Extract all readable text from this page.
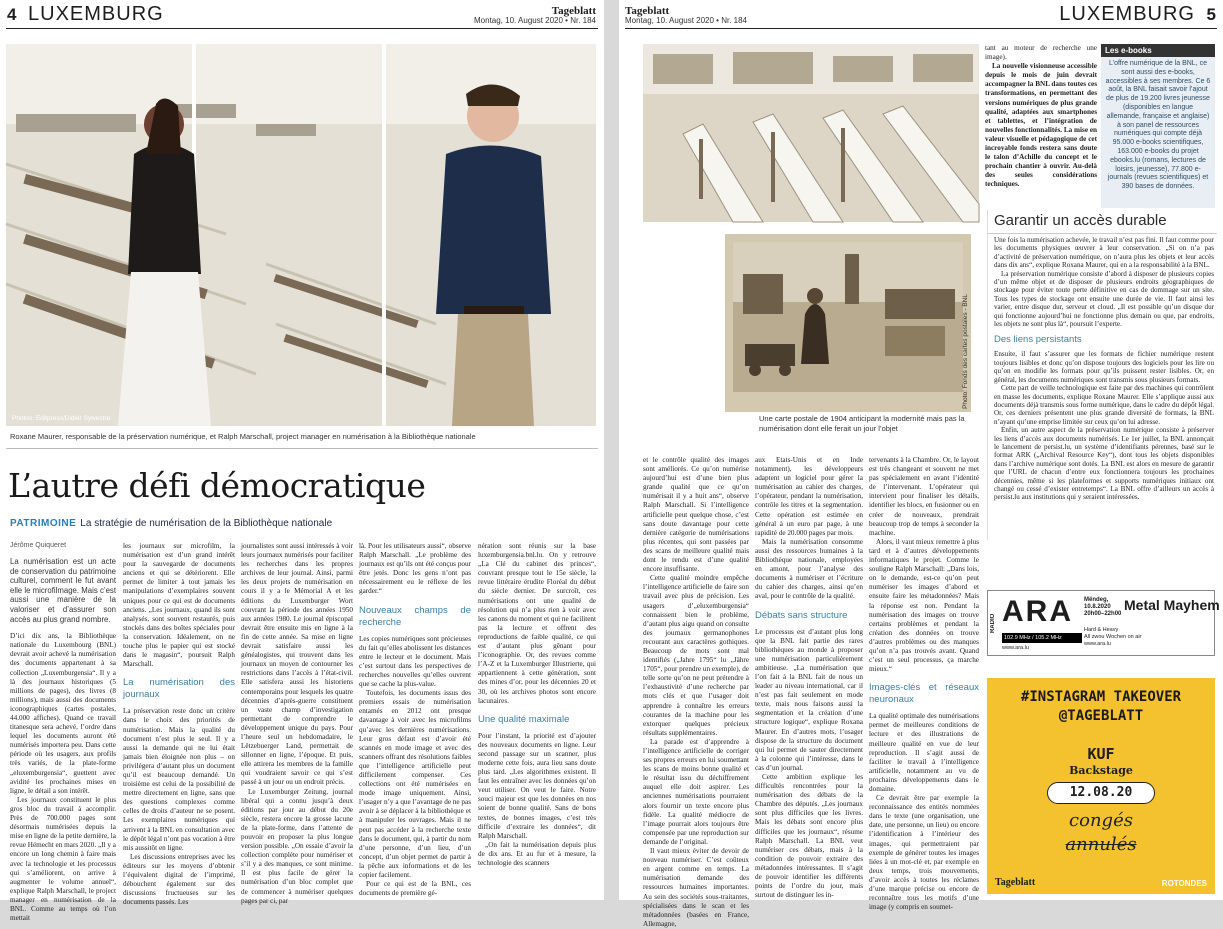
4 LUXEMBURG	Tageblatt
Montag, 10. August 2020 • Nr. 184
Photos: Editpress/Didier Sylvestre
Roxane Maurer, responsable de la préservation numérique, et Ralph Marschall, project manager en numérisation à la Bibliothèque nationale
L’autre défi démocratique
PATRIMOINE La stratégie de numérisation de la Bibliothèque nationale
Jérôme Quiqueret
La numérisation est un acte de conservation du patrimoine culturel, comment le fut avant elle le microfilmage. Mais c’est aussi une manière de la valoriser et d’assurer son accès au plus grand nombre.

D’ici dix ans, la Bibliothèque nationale du Luxembourg (BNL) devrait avoir achevé la numérisation des documents appartenant à sa collection „Luxemburgensia“. Il y a là des journaux historiques (5 millions de pages), des livres (8 millions), mais aussi des documents iconographiques (cartes postales, 44.000 affiches). Quand ce travail titanesque sera achevé, l’ordre dans lequel les documents auront été numérisés importera peu. Dans cette période où les usagers, aux profils très variés, de la plate-forme „eluxemburgensia“, guettent avec avidité les prochaines mises en ligne, le détail a son intérêt.

Les journaux constituent le plus gros bloc du travail à accomplir. Près de 700.000 pages sont désormais numérisées depuis la mise en ligne de la petite dernière, la revue Hémecht en mars 2020. „Il y a encore un long chemin à faire mais avec la technologie et les processus qui s’améliorent, on arrive à augmenter le volume annuel“, explique Ralph Marschall, le project manager en numérisation de la BNL. Comme au temps où l’on mettait

les journaux sur microfilm, la numérisation est d’un grand intérêt pour la sauvegarde de documents anciens et qui se détériorent. Elle permet de limiter à tout jamais les manipulations d’exemplaires souvent uniques pour ce qui est de documents anciens. „Les journaux, quand ils sont analysés, sont souvent restaurés, puis stockés dans des boîtes spéciales pour la conservation. Idéalement, on ne touche plus le papier qui est stocké dans le magasin“, poursuit Ralph Marschall.

La numérisation des journaux

La préservation reste donc un critère dans le choix des priorités de numérisation. Mais la qualité du document n’est plus le seul. Il y a aussi la demande qui ne lui était jamais bien éloignée non plus – on privilégera d’autant plus un document qu’il est beaucoup demandé. Un troisième est celui de la possibilité de mettre directement en ligne, sans que des questions complexes comme celles de droits d’auteur ne se posent. Les exemplaires numériques qui arrivent à la BNL en consultation avec le dépôt légal n’ont pas vocation à être mis aussitôt en ligne.

Les discussions entreprises avec les éditeurs sur les moyens d’obtenir l’équivalent digital de l’imprimé, débouchent également sur des discussions fructueuses sur les documents passés. Les

journalistes sont aussi intéressés à voir leurs journaux numérisés pour faciliter les recherches dans les propres archives de leur journal. Ainsi, parmi les deux projets de numérisation en cours il y a le Mémorial A et les éditions du Luxemburger Wort couvrant la période des années 1950 aux années 1980. Le journal épiscopal devrait être ensuite mis en ligne à la fin de cette année. Sa mise en ligne devrait satisfaire aussi les généalogistes, qui trouvent dans les journaux un moyen de contourner les restrictions dans l’accès à l’état-civil. Elle satisfera aussi les historiens contemporains pour lesquels les quatre décennies d’après-guerre constituent un vaste champ d’investigation permettant de comprendre le développement unique du pays. Pour l’heure seul un hebdomadaire, le Lëtzebuerger Land, permettait de sillonner en ligne, l’époque. Et puis, elle attirera les membres de la famille qui voudraient savoir ce qui s’est passé à un jour ou un endroit précis.

Le Luxemburger Zeitung, journal libéral qui a connu jusqu’à deux éditions par jour au début du 20e siècle, restera encore la grosse lacune de la plate-forme, dans l’attente de pouvoir en proposer la plus longue version possible. „On essaie d’avoir la collection complète pour numériser et s’il y a des manques, ce sont minime. Il est plus facile de gérer la numérisation d’un bloc complet que de commencer à numériser quelques pages par ci, par

là. Pour les utilisateurs aussi“, observe Ralph Marschall. „Le problème des journaux est qu’ils ont été conçus pour être jetés. Donc les gens n’ont pas nécessairement eu le réflexe de les garder.“

Nouveaux champs de recherche

Les copies numériques sont précieuses du fait qu’elles abolissent les distances entre le lecteur et le document. Mais c’est surtout dans les perspectives de recherches nouvelles qu’elles ouvrent que se cache la plus-value.

Toutefois, les documents issus des premiers essais de numérisation entamés en 2012 ont presque davantage à voir avec les microfilms qu’avec les dernières numérisations. Leur gros défaut est d’avoir été scannés en mode image et avec des scanners offrant des résolutions faibles que l’intelligence artificielle peut difficilement compenser. Ces collections ont été numérisées en mode image uniquement. Ainsi, l’usager n’y a que l’avantage de ne pas avoir à se déplacer à la bibliothèque et à manipuler les ouvrages. Mais il ne peut pas accéder à la recherche texte dans le document, qui, à partir du nom d’une personne, d’un lieu, d’un concept, d’un objet permet de partir à la pêche aux informations et de les copier facilement.

Pour ce qui est de la BNL, ces documents de première gé-

nération sont réunis sur la base luxemburgensia.bnl.lu. On y retrouve „La Clé du cabinet des princes“, couvrant presque tout le 15e siècle, la revue littéraire érudite Floréal du début du siècle dernier. De surcroît, ces numérisations ont une qualité de résolution qui n’a plus rien à voir avec les canons du moment et qui ne facilitent pas la lecture et offrent des reproductions de faible qualité, ce qui est d’autant plus gênant pour l’iconographie. Or, des revues comme l’A-Z et la Luxemburger Illustrierte, qui appartiennent à cette génération, sont des mines d’or, pour les décennies 20 et 30, où les archives photos sont encore lacunaires.

Une qualité maximale

Pour l’instant, la priorité est d’ajouter des nouveaux documents en ligne. Leur second passage sur un scanner, plus moderne cette fois, aura lieu sans doute plus tard. „Les algorithmes existent. Il faut les entraîner avec les données qu’on veut utiliser. On veut le faire. Notre souci majeur est que les données en nos soient de bonne qualité. Sans de bons textes, de bonnes images, c’est très difficile d’extraire les données“, dit Ralph Marschall.

„On fait la numérisation depuis plus de dix ans. Et au fur et à mesure, la technologie des scanners

Tageblatt
Montag, 10. August 2020 • Nr. 184	LUXEMBURG 5
Photo: Fonds des cartes postales - BNL
Une carte postale de 1904 anticipant la modernité mais pas la numérisation dont elle ferait un jour l’objet

tant au moteur de recherche une image).

La nouvelle visionneuse accessible depuis le mois de juin devrait accompagner la BNL dans toutes ces transformations, en permettant des versions numériques de plus grande qualité, adaptées aux smartphones et tablettes, et l’intégration de nouvelles fonctionnalités. La mise en valeur visuelle et pédagogique de cet incroyable fonds restera sans doute le talon d’Achille du concept et le prochain chantier à ouvrir. Au-delà des seules considérations techniques.

Les e-books
L’offre numérique de la BNL, ce sont aussi des e-books, accessibles à ses membres. Ce 6 août, la BNL faisait savoir l’ajout de plus de 19.200 livres jeunesse (disponibles en langue allemande, française et anglaise) à son panel de ressources numériques qui compte déjà 95.000 e-books scientifiques, 163.000 e-books du projet ebooks.lu (romans, lectures de loisirs, jeunesse), 77.800 e-journals (revues scientifiques) et 390 bases de données.
Garantir un accès durable

Une fois la numérisation achevée, le travail n’est pas fini. Il faut comme pour les documents physiques œuvrer à leur conservation. „Si on n’a pas d’activité de préservation numérique, on n’aura plus les objets et leur accès dans dix ans“, explique Roxana Maurer, qui en a la responsabilité à la BNL.

La préservation numérique consiste d’abord à disposer de plusieurs copies d’un même objet et de disposer de plusieurs endroits géographiques de stockage pour éviter toute perte définitive en cas de dommage sur un site. Tous les types de stockage ont ensuite une durée de vie. Il faut ainsi les varier, entre disque dur, serveur et cloud. „Il est possible qu’un disque dur qui fonctionne aujourd’hui ne fonctionne plus demain ou que, par endroits, les objets ne sont plus là“, poursuit l’experte.

Des liens persistants

Ensuite, il faut s’assurer que les formats de fichier numérique restent toujours lisibles et donc qu’on dispose toujours des logiciels pour les lire ou qu’on en modifie les formats pour qu’ils puissent rester lisibles. Or, en général, les documents numériques sont transmis sous plusieurs formats.

Cette part de veille technologique est faite par des machines qui contrôlent en masse les documents, explique Roxane Maurer. Elle s’applique aussi aux documents déjà transmis sous forme numérique, dans le cadre du dépôt légal. Or, ces derniers présentent une plus grande diversité de formats, la BNL n’ayant qu’une emprise limitée sur ceux qu’on lui adresse.

Enfin, un autre aspect de la préservation numérique consiste à préserver les liens d’accès aux documents numérisés. Le 1er juillet, la BNL annonçait le lancement de persist.lu, un système d’identifiants pérennes, basé sur le format ARK („Archival Resource Key“), dont tous les objets disponibles dans l’archive numérique sont dotés. La BNL est alors en mesure de garantir que l’URL de chacun d’entre eux fonctionnera toujours les prochaines décennies, même si les plateformes et supports numériques initiaux ont changé ou cessé d’exister entretemps“. La BNL offre d’ailleurs un accès à persist.lu aux institutions qui y seraient intéressées.

et le contrôle qualité des images sont améliorés. Ce qu’on numérise aujourd’hui est d’une bien plus grande qualité que ce qu’on numérisait il y a huit ans“, observe Ralph Marschall. Si l’intelligence artificielle peut quelque chose, c’est sans doute davantage pour cette dernière catégorie de numérisations plus récentes, qui sont passées par des scans de meilleure qualité mais dont le rendu est d’une qualité encore insuffisante.

Cette qualité moindre empêche l’intelligence artificielle de faire son travail avec plus de précision. Les usagers d’„eluxemburgensia“ connaissent bien le problème, d’autant plus aigu quand on consulte des journaux germanophones recourant aux caractères gothiques. Beaucoup de mots sont mal identifiés („Jahre 1795“ lu „Jähre 1705“, pour prendre un exemple), de telle sorte qu’on ne peut prétendre à l’exhaustivité d’une recherche par mots clés et que l’usager doit apprendre à connaître les erreurs courantes de la machine pour les extorquer quelques précieux résultats supplémentaires.

La parade est d’apprendre à l’intelligence artificielle de corriger ses propres erreurs en lui soumettant les scans de moins bonne qualité et le résultat issu du déchiffrement auquel elle doit aspirer. Les anciennes numérisations pourraient alors fournir un texte encore plus fidèle. La qualité médiocre de l’image pourrait alors toujours être compensée par une reproduction sur demande de l’original.

Il vaut mieux éviter de devoir de nouveau numériser. C’est coûteux en argent comme en temps. La numérisation demande des ressources humaines importantes. Au sein des sociétés sous-traitantes, spécialisées dans le scan et les métadonnées (basées en France, Allemagne,

aux Etats-Unis et en Inde notamment), les développeurs adaptent un logiciel pour gérer la numérisation au cahier des charges, l’opérateur, pendant la numérisation, contrôle les titres et la segmentation. Cette opération est estimée en général à un euro par page, à une rapidité de 20.000 pages par mois.

Mais la numérisation consomme aussi des ressources humaines à la Bibliothèque nationale, employées en amont, pour l’analyse des documents à numériser et l’écriture du cahier des charges, ainsi qu’en aval, pour le contrôle de la qualité.

Débats sans structure

Le processus est d’autant plus long que la BNL fait partie des rares bibliothèques au monde à proposer une numérisation particulièrement ambitieuse. „La numérisation que l’on fait à la BNL fait de nous un leader au niveau international, car il n’est pas fait seulement en mode texte, mais nous faisons aussi la segmentation et la création d’une structure logique“, explique Roxana Maurer. En d’autres mots, l’usager dispose de la structure du document qui lui permet de sauter directement à la colonne qui l’intéresse, dans le cas d’un journal.

Cette ambition explique les difficultés rencontrées pour la numérisation des débats de la Chambre des députés. „Les journaux sont plus difficiles que les livres. Mais les débats sont encore plus difficiles que les journaux“, résume Ralph Marschall. La BNL veut numériser ces débats, mais à la condition de pouvoir extraire des métadonnées intéressantes. Il s’agit de pouvoir identifier les différents points de l’ordre du jour, mais surtout de distinguer les in-

tervenants à la Chambre. Or, le layout est très changeant et souvent ne met pas spécialement en avant l’identité de l’intervenant. L’opérateur qui intervient pour finaliser les détails, identifier les blocs, en fusionner ou en créer de nouveaux, prendrait beaucoup trop de temps à seconder la machine.

Alors, il vaut mieux remettre à plus tard et à d’autres développements informatiques le projet. Comme le souligne Ralph Marschall: „Dans lois, on le demande, est-ce qu’on peut numériser les images d’abord et ensuite faire les métadonnées? Mais la réponse est non. Pendant la numérisation des images on trouve certains problèmes et pendant la création des données on trouve d’autres problèmes ou des manques qu’on n’a pas trouvés avant. Quand c’est un seul processus, ça marche mieux.“

Images-clés et réseaux neuronaux

La qualité optimale des numérisations permet de meilleures conditions de lecture et des illustrations de meilleure qualité en vue de leur reproduction. Il s’agit aussi de faciliter le travail à l’intelligence artificielle, notamment au vu de prochains développements dans le domaine.

Ce devrait être par exemple la reconnaissance des entités nommées dans le texte (une organisation, une date, une personne, un lieu) ou encore l’identification à l’intérieur des images, qui permettraient par exemple de générer toutes les images liées à un mot-clé et, par exemple en deux temps, trois mouvements, d’avoir accès à toutes les réclames d’une marque précise ou encore de reconnaître tous les motifs d’une image (y compris en soumet-

RADIO ARA
102.9 MHz / 105.2 MHz
www.ara.lu
Mëndeg,
10.8.2020
20h00–22h00
Metal Mayhem
Hard & Heavy
All zwou Wochen on air
www.ara.lu
#INSTAGRAM TAKEOVER
@TAGEBLATT
KUF
Backstage
12.08.20
congés
annulés
Tageblatt	ROTONDES
